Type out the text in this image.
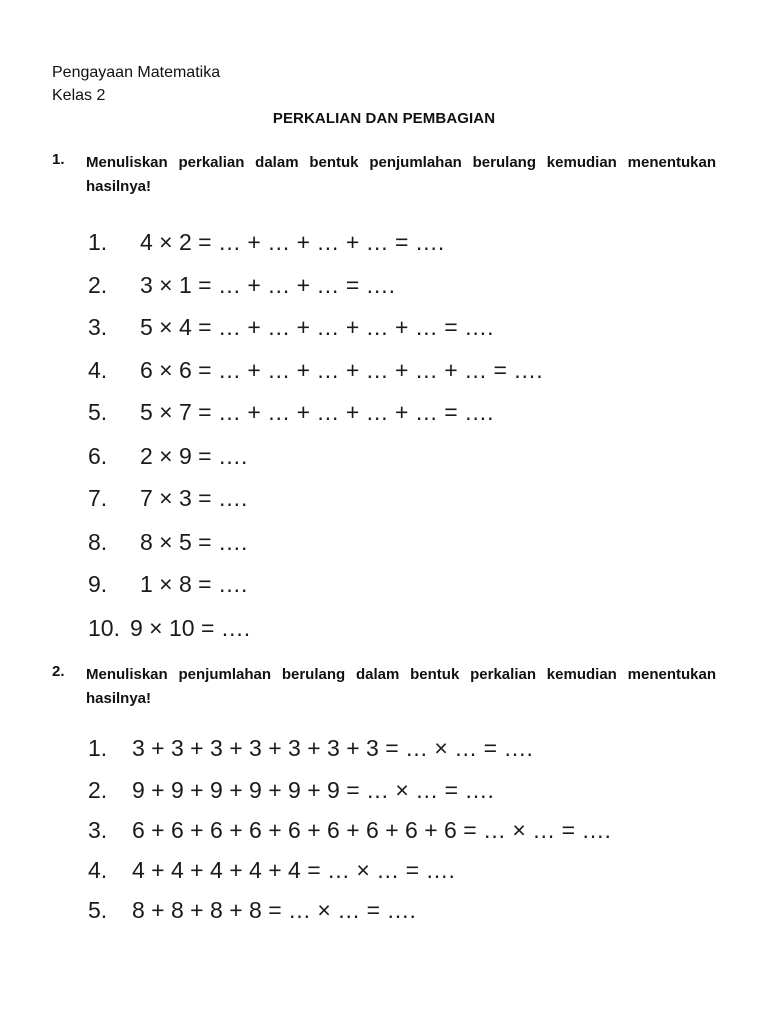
Pengayaan Matematika
Kelas 2
PERKALIAN DAN PEMBAGIAN
1. Menuliskan perkalian dalam bentuk penjumlahan berulang kemudian menentukan hasilnya!
1. 4 × 2 = … + … + … + … = ….
2. 3 × 1 = … + … + … = ….
3. 5 × 4 = … + … + … + … + … = ….
4. 6 × 6 = … + … + … + … + … + … = ….
5. 5 × 7 = … + … + … + … + … = ….
6. 2 × 9 = ….
7. 7 × 3 = ….
8. 8 × 5 = ….
9. 1 × 8 = ….
10. 9 × 10 = ….
2. Menuliskan penjumlahan berulang dalam bentuk perkalian kemudian menentukan hasilnya!
1. 3 + 3 + 3 + 3 + 3 + 3 + 3 = … × … = ….
2. 9 + 9 + 9 + 9 + 9 + 9 = … × … = ….
3. 6 + 6 + 6 + 6 + 6 + 6 + 6 + 6 + 6 = … × … = ….
4. 4 + 4 + 4 + 4 + 4 = … × … = ….
5. 8 + 8 + 8 + 8 = … × … = ….
